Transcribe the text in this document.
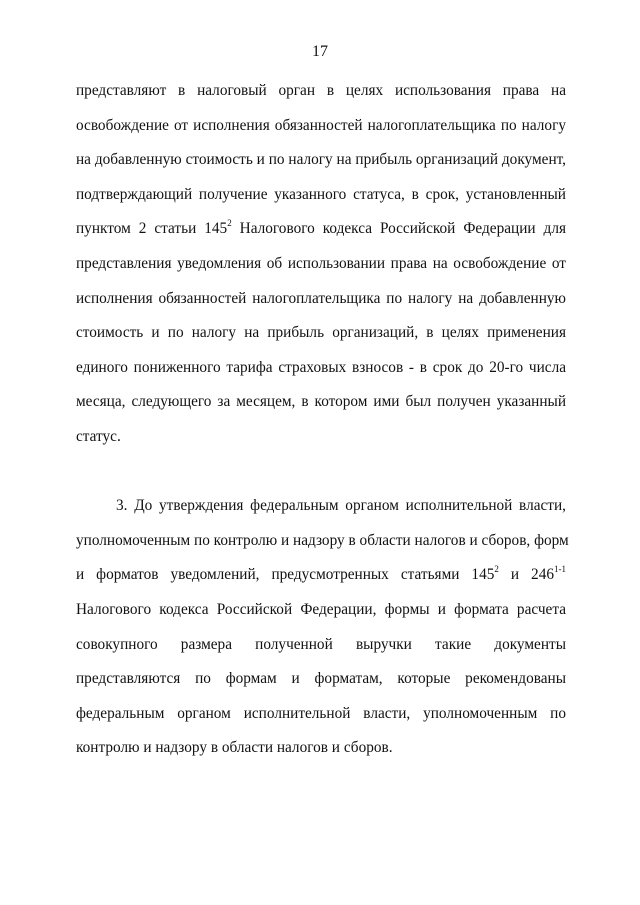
17
представляют в налоговый орган в целях использования права на
освобождение от исполнения обязанностей налогоплательщика по налогу
на добавленную стоимость и по налогу на прибыль организаций документ,
подтверждающий получение указанного статуса, в срок, установленный
пунктом 2 статьи $145^2$ Налогового кодекса Российской Федерации для
представления уведомления об использовании права на освобождение от
исполнения обязанностей налогоплательщика по налогу на добавленную
стоимость и по налогу на прибыль организаций, в целях применения
единого пониженного тарифа страховых взносов - в срок до 20-го числа
месяца, следующего за месяцем, в котором ими был получен указанный
статус.
3. До утверждения федеральным органом исполнительной власти,
уполномоченным по контролю и надзору в области налогов и сборов, форм
и форматов уведомлений, предусмотренных статьями $145^2$ и 246$^{1-1}$
Налогового кодекса Российской Федерации, формы и формата расчета
совокупного размера полученной выручки такие документы
представляются по формам и форматам, которые рекомендованы
федеральным органом исполнительной власти, уполномоченным по
контролю и надзору в области налогов и сборов.
